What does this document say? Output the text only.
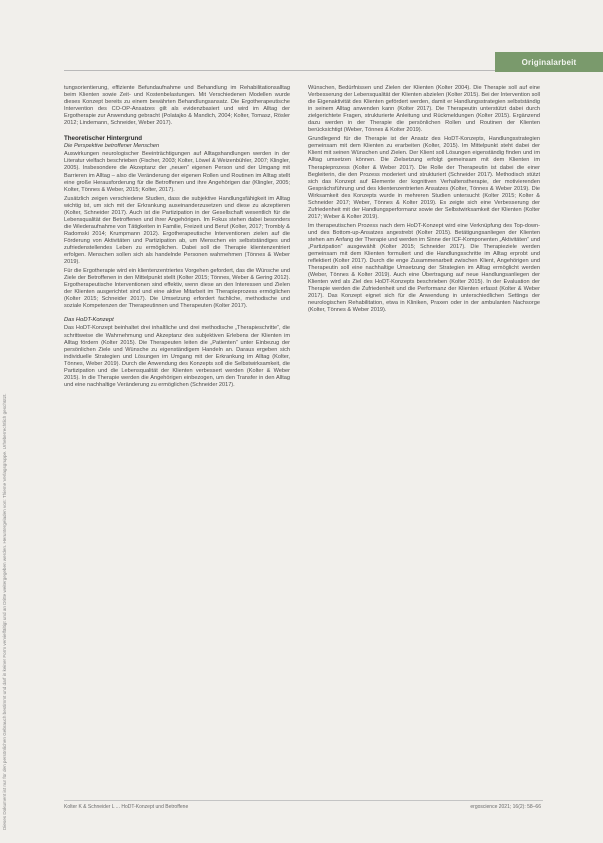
Dieses Dokument ist nur für den persönlichen Gebrauch bestimmt und darf in keiner Form vervielfältigt und an Dritte weitergegeben werden. Heruntergeladen von: Thieme Verlagsgruppe. Urheberrechtlich geschützt.
Originalarbeit

tungsorientierung, effiziente Befundaufnahme und Behandlung im Rehabilitationsalltag beim Klienten sowie Zeit- und Kostenbelastungen. Mit Verschiedenen Modellen wurde dieses Konzept bereits zu einem bewährten Behandlungsansatz. Die Ergotherapeutische Intervention des CO-OP-Ansatzes gilt als evidenzbasiert und wird im Alltag der Ergotherapie zur Anwendung gebracht (Polatajko & Mandich, 2004; Kolter, Tomasz, Rösler 2012; Lindemann, Schneider, Weber 2017).

Theoretischer Hintergrund
Die Perspektive betroffener Menschen

Auswirkungen neurologischer Beeinträchtigungen auf Alltagshandlungen werden in der Literatur vielfach beschrieben (Fischer, 2003; Kolter, Löwel & Weizenbühler, 2007; Klingler, 2005). Insbesondere die Akzeptanz der „neuen“ eigenen Person und der Umgang mit Barrieren im Alltag – also die Veränderung der eigenen Rollen und Routinen im Alltag stellt eine große Herausforderung für die Betroffenen und ihre Angehörigen dar (Klingler, 2005; Kolter, Tönnes & Weber, 2015; Kolter, 2017).

Zusätzlich zeigen verschiedene Studien, dass die subjektive Handlungsfähigkeit im Alltag wichtig ist, um sich mit der Erkrankung auseinanderzusetzen und diese zu akzeptieren (Kolter, Schneider 2017). Auch ist die Partizipation in der Gesellschaft wesentlich für die Lebensqualität der Betroffenen und ihrer Angehörigen. Im Fokus stehen dabei besonders die Wiederaufnahme von Tätigkeiten in Familie, Freizeit und Beruf (Kolter, 2017; Trombly & Radomski 2014; Krumpmann 2012). Ergotherapeutische Interventionen zielen auf die Förderung von Aktivitäten und Partizipation ab, um Menschen ein selbstständiges und zufriedenstellendes Leben zu ermöglichen. Dabei soll die Therapie klientenzentriert erfolgen. Menschen sollen sich als handelnde Personen wahrnehmen (Tönnes & Weber 2019).

Für die Ergotherapie wird ein klientenzentriertes Vorgehen gefordert, das die Wünsche und Ziele der Betroffenen in den Mittelpunkt stellt (Kolter 2015; Tönnes, Weber & Gering 2012). Ergotherapeutische Interventionen sind effektiv, wenn diese an den Interessen und Zielen der Klienten ausgerichtet sind und eine aktive Mitarbeit im Therapieprozess ermöglichen (Kolter 2015; Schneider 2017). Die Umsetzung erfordert fachliche, methodische und soziale Kompetenzen der Therapeutinnen und Therapeuten (Kolter 2017).

Das HoDT-Konzept

Das HoDT-Konzept beinhaltet drei inhaltliche und drei methodische „Therapieschritte“, die schrittweise die Wahrnehmung und Akzeptanz des subjektiven Erlebens der Klienten im Alltag fördern (Kolter 2015). Die Therapeuten leiten die „Patienten“ unter Einbezug der persönlichen Ziele und Wünsche zu eigenständigem Handeln an. Daraus ergeben sich individuelle Strategien und Lösungen im Umgang mit der Erkrankung im Alltag (Kolter, Tönnes, Weber 2019). Durch die Anwendung des Konzepts soll die Selbstwirksamkeit, die Partizipation und die Lebensqualität der Klienten verbessert werden (Kolter & Weber 2015). In die Therapie werden die Angehörigen einbezogen, um den Transfer in den Alltag und eine nachhaltige Veränderung zu ermöglichen (Schneider 2017).

Wünschen, Bedürfnissen und Zielen der Klienten (Kolter 2004). Die Therapie soll auf eine Verbesserung der Lebensqualität der Klienten abzielen (Kolter 2015). Bei der Intervention soll die Eigenaktivität des Klienten gefördert werden, damit er Handlungsstrategien selbstständig in seinem Alltag anwenden kann (Kolter 2017). Die Therapeutin unterstützt dabei durch zielgerichtete Fragen, strukturierte Anleitung und Rückmeldungen (Kolter 2015). Ergänzend dazu werden in der Therapie die persönlichen Rollen und Routinen der Klienten berücksichtigt (Weber, Tönnes & Kolter 2019).

Grundlegend für die Therapie ist der Ansatz des HoDT-Konzepts, Handlungsstrategien gemeinsam mit dem Klienten zu erarbeiten (Kolter, 2015). Im Mittelpunkt steht dabei der Klient mit seinen Wünschen und Zielen. Der Klient soll Lösungen eigenständig finden und im Alltag umsetzen können. Die Zielsetzung erfolgt gemeinsam mit dem Klienten im Therapieprozess (Kolter & Weber 2017). Die Rolle der Therapeutin ist dabei die einer Begleiterin, die den Prozess moderiert und strukturiert (Schneider 2017). Methodisch stützt sich das Konzept auf Elemente der kognitiven Verhaltenstherapie, der motivierenden Gesprächsführung und des klientenzentrierten Ansatzes (Kolter, Tönnes & Weber 2019). Die Wirksamkeit des Konzepts wurde in mehreren Studien untersucht (Kolter 2015; Kolter & Schneider 2017; Weber, Tönnes & Kolter 2019). Es zeigte sich eine Verbesserung der Zufriedenheit mit der Handlungsperformanz sowie der Selbstwirksamkeit der Klienten (Kolter 2017; Weber & Kolter 2019).

Im therapeutischen Prozess nach dem HoDT-Konzept wird eine Verknüpfung des Top-down- und des Bottom-up-Ansatzes angestrebt (Kolter 2015). Betätigungsanliegen der Klienten stehen am Anfang der Therapie und werden im Sinne der ICF-Komponenten „Aktivitäten“ und „Partizipation“ ausgewählt (Kolter 2015; Schneider 2017). Die Therapieziele werden gemeinsam mit dem Klienten formuliert und die Handlungsschritte im Alltag erprobt und reflektiert (Kolter 2017). Durch die enge Zusammenarbeit zwischen Klient, Angehörigen und Therapeutin soll eine nachhaltige Umsetzung der Strategien im Alltag ermöglicht werden (Weber, Tönnes & Kolter 2019). Auch eine Übertragung auf neue Handlungsanliegen der Klienten wird als Ziel des HoDT-Konzepts beschrieben (Kolter 2015). In der Evaluation der Therapie werden die Zufriedenheit und die Performanz der Klienten erfasst (Kolter & Weber 2017). Das Konzept eignet sich für die Anwendung in unterschiedlichen Settings der neurologischen Rehabilitation, etwa in Kliniken, Praxen oder in der ambulanten Nachsorge (Kolter, Tönnes & Weber 2019).

Kolter K & Schneider L ... HoDT-Konzept und Betroffene	ergoscience 2021; 16(2): 58–66
